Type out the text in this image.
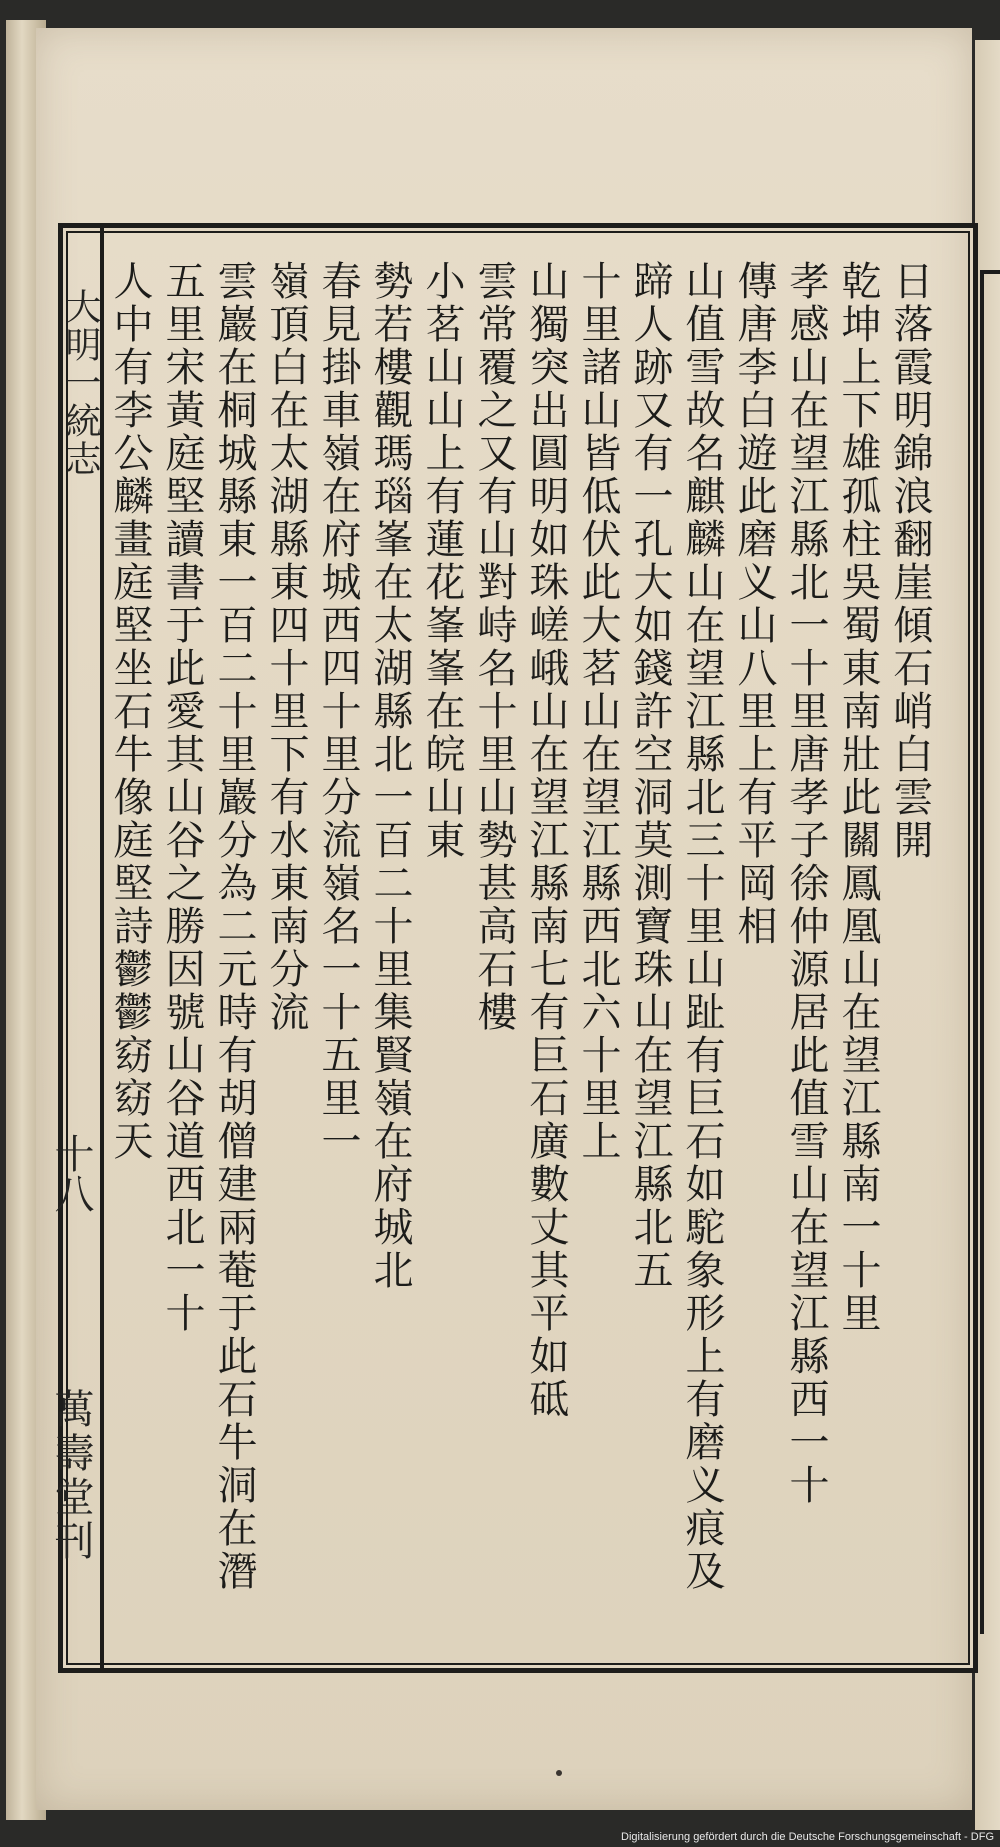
大明一統志
十八
萬壽堂刊
日落霞明錦浪翻崖傾石峭白雲開
乾坤上下雄孤柱吳蜀東南壯此關鳳凰山在望江縣南一十里
孝感山在望江縣北一十里唐孝子徐仲源居此值雪山在望江縣西一十
傳唐李白遊此磨义山八里上有平岡相
山值雪故名麒麟山在望江縣北三十里山趾有巨石如駝象形上有磨义痕及
蹄人跡又有一孔大如錢許空洞莫測寶珠山在望江縣北五
十里諸山皆低伏此大茗山在望江縣西北六十里上
山獨突出圓明如珠嵯峨山在望江縣南七有巨石廣數丈其平如砥
雲常覆之又有山對峙名十里山勢甚高石樓
小茗山山上有蓮花峯峯在皖山東
勢若樓觀瑪瑙峯在太湖縣北一百二十里集賢嶺在府城北
春見掛車嶺在府城西四十里分流嶺名一十五里一
嶺頂白在太湖縣東四十里下有水東南分流
雲巖在桐城縣東一百二十里巖分為二元時有胡僧建兩菴于此石牛洞在潛
五里宋黃庭堅讀書于此愛其山谷之勝因號山谷道西北一十
人中有李公麟畫庭堅坐石牛像庭堅詩鬱鬱窈窈天
Digitalisierung gefördert durch die Deutsche Forschungsgemeinschaft - DFG
